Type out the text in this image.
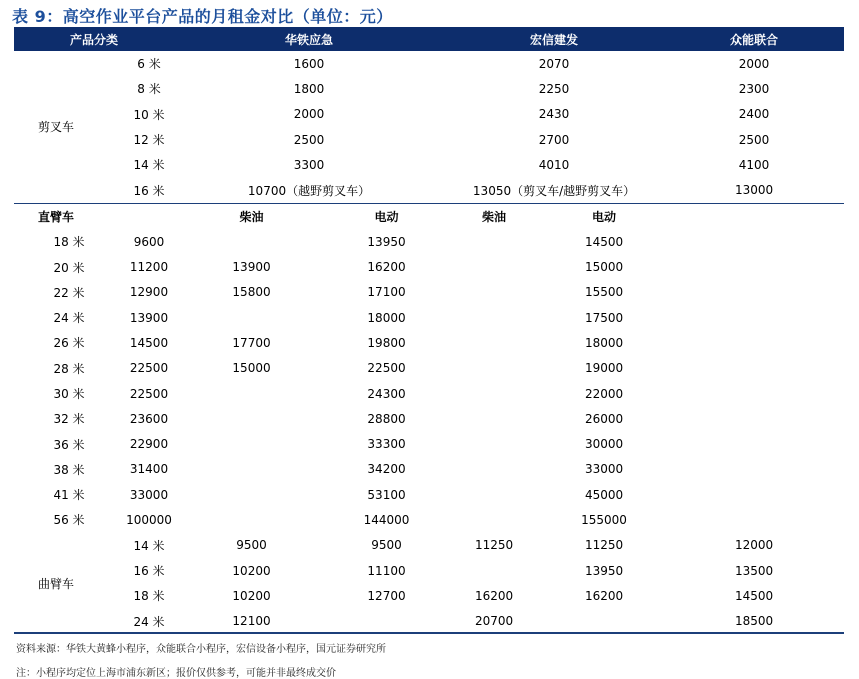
表 9：高空作业平台产品的月租金对比（单位：元）
产品分类		华铁应急		宏信建发		众能联合
剪叉车	6 米	1600		2070		2000
	8 米	1800		2250		2300
	10 米	2000		2430		2400
	12 米	2500		2700		2500
	14 米	3300		4010		4100
	16 米	10700（越野剪叉车）		13050（剪叉车/越野剪叉车）		13000
直臂车		柴油	电动	柴油	电动	
18 米	9600		13950		14500	
20 米	11200	13900	16200		15000	
22 米	12900	15800	17100		15500	
24 米	13900		18000		17500	
26 米	14500	17700	19800		18000	
28 米	22500	15000	22500		19000	
30 米	22500		24300		22000	
32 米	23600		28800		26000	
36 米	22900		33300		30000	
38 米	31400		34200		33000	
41 米	33000		53100		45000	
56 米	100000		144000		155000	
曲臂车	14 米	9500	9500	11250	11250	12000
	16 米	10200	11100		13950	13500
	18 米	10200	12700	16200	16200	14500
	24 米	12100		20700		18500
资料来源：华铁大黄蜂小程序，众能联合小程序，宏信设备小程序，国元证券研究所
注：小程序均定位上海市浦东新区；报价仅供参考，可能并非最终成交价
